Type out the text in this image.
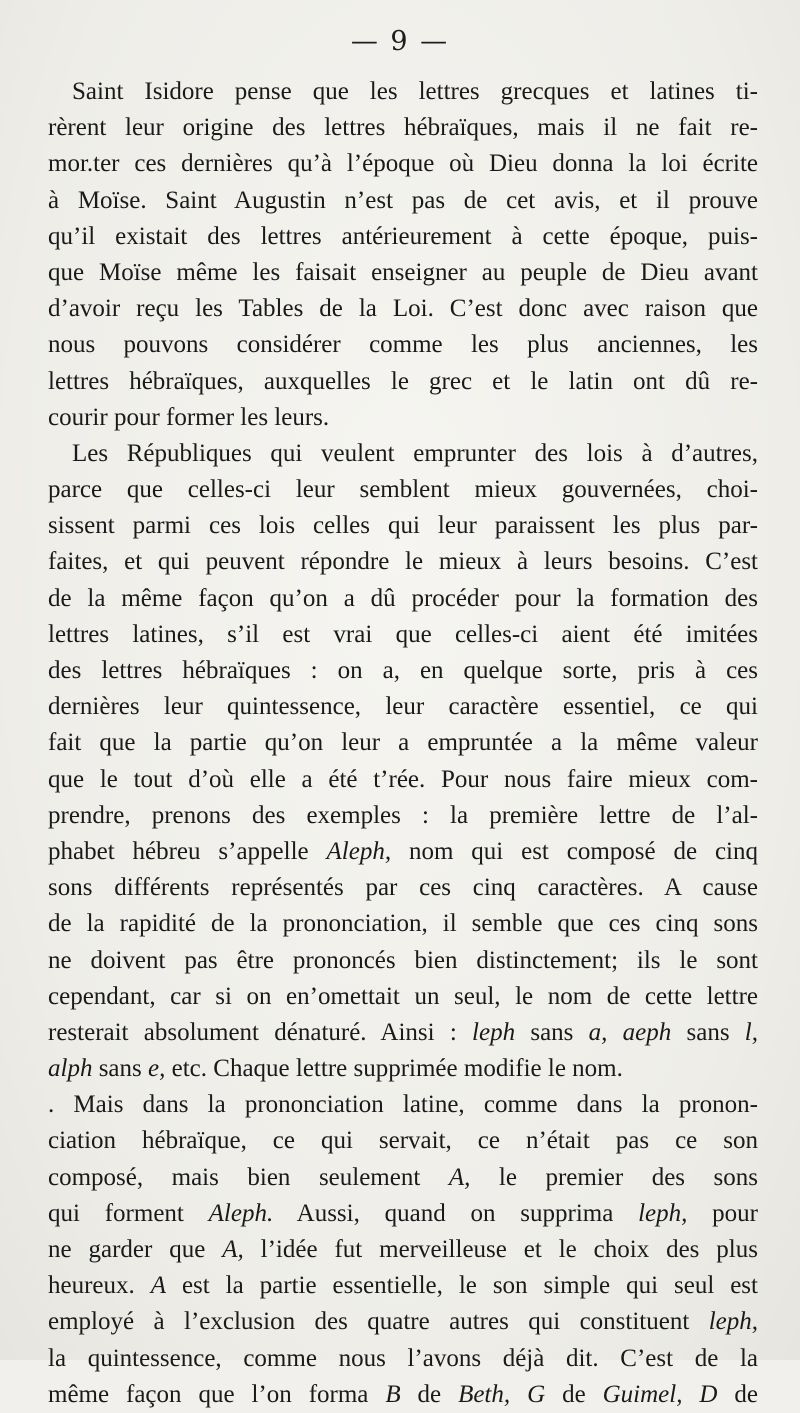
— 9 —
Saint Isidore pense que les lettres grecques et latines ti-
rèrent leur origine des lettres hébraïques, mais il ne fait re-
mor.ter ces dernières qu’à l’époque où Dieu donna la loi écrite
à Moïse. Saint Augustin n’est pas de cet avis, et il prouve
qu’il existait des lettres antérieurement à cette époque, puis-
que Moïse même les faisait enseigner au peuple de Dieu avant
d’avoir reçu les Tables de la Loi. C’est donc avec raison que
nous pouvons considérer comme les plus anciennes, les
lettres hébraïques, auxquelles le grec et le latin ont dû re-
courir pour former les leurs.
Les Républiques qui veulent emprunter des lois à d’autres,
parce que celles-ci leur semblent mieux gouvernées, choi-
sissent parmi ces lois celles qui leur paraissent les plus par-
faites, et qui peuvent répondre le mieux à leurs besoins. C’est
de la même façon qu’on a dû procéder pour la formation des
lettres latines, s’il est vrai que celles-ci aient été imitées
des lettres hébraïques : on a, en quelque sorte, pris à ces
dernières leur quintessence, leur caractère essentiel, ce qui
fait que la partie qu’on leur a empruntée a la même valeur
que le tout d’où elle a été t’rée. Pour nous faire mieux com-
prendre, prenons des exemples : la première lettre de l’al-
phabet hébreu s’appelle Aleph, nom qui est composé de cinq
sons différents représentés par ces cinq caractères. A cause
de la rapidité de la prononciation, il semble que ces cinq sons
ne doivent pas être prononcés bien distinctement; ils le sont
cependant, car si on en’omettait un seul, le nom de cette lettre
resterait absolument dénaturé. Ainsi : leph sans a, aeph sans l,
alph sans e, etc. Chaque lettre supprimée modifie le nom.
. Mais dans la prononciation latine, comme dans la pronon-
ciation hébraïque, ce qui servait, ce n’était pas ce son
composé, mais bien seulement A, le premier des sons
qui forment Aleph. Aussi, quand on supprima leph, pour
ne garder que A, l’idée fut merveilleuse et le choix des plus
heureux. A est la partie essentielle, le son simple qui seul est
employé à l’exclusion des quatre autres qui constituent leph,
la quintessence, comme nous l’avons déjà dit. C’est de la
même façon que l’on forma B de Beth, G de Guimel, D de
